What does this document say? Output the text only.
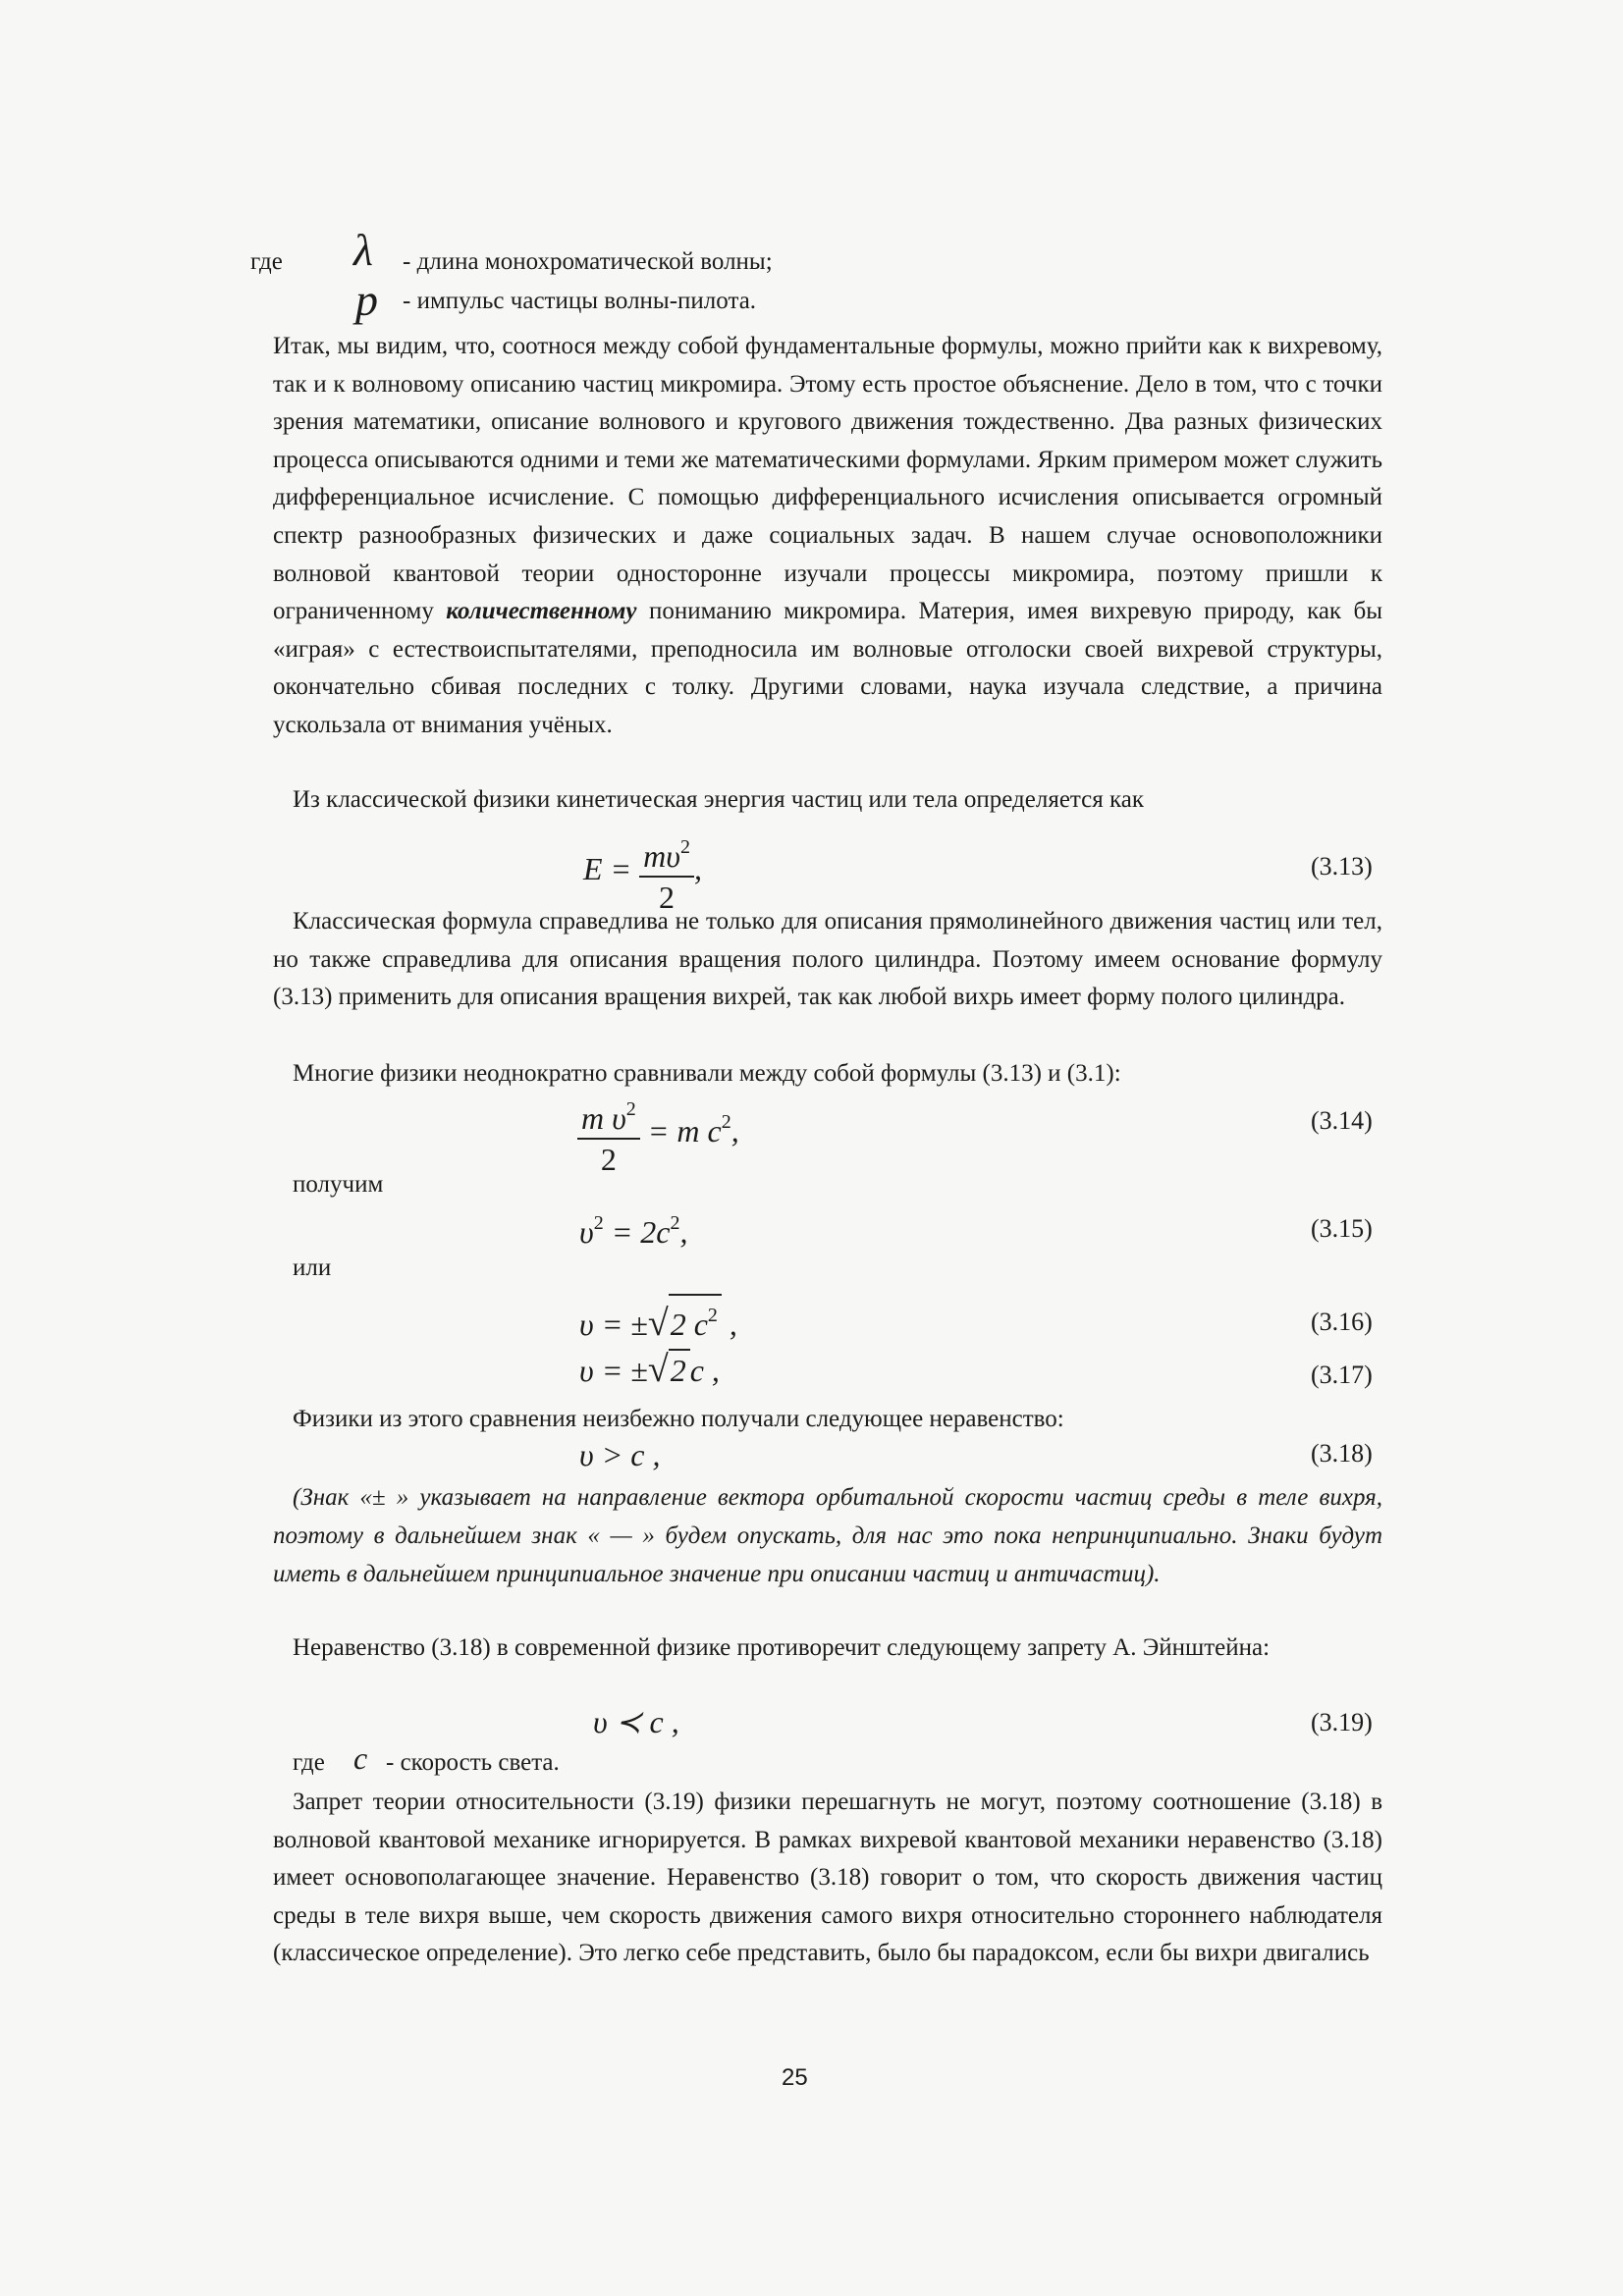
где λ - длина монохроматической волны;
p - импульс частицы волны-пилота.
Итак, мы видим, что, соотнося между собой фундаментальные формулы, можно прийти как к вихревому, так и к волновому описанию частиц микромира. Этому есть простое объяснение. Дело в том, что с точки зрения математики, описание волнового и кругового движения тождественно. Два разных физических процесса описываются одними и теми же математическими формулами. Ярким примером может служить дифференциальное исчисление. С помощью дифференциального исчисления описывается огромный спектр разнообразных физических и даже социальных задач. В нашем случае основоположники волновой квантовой теории односторонне изучали процессы микромира, поэтому пришли к ограниченному количественному пониманию микромира. Материя, имея вихревую природу, как бы «играя» с естествоиспытателями, преподносила им волновые отголоски своей вихревой структуры, окончательно сбивая последних с толку. Другими словами, наука изучала следствие, а причина ускользала от внимания учёных.
Из классической физики кинетическая энергия частиц или тела определяется как
$E = \frac{m\upsilon^2}{2}$ ,	(3.13)
Классическая формула справедлива не только для описания прямолинейного движения частиц или тел, но также справедлива для описания вращения полого цилиндра. Поэтому имеем основание формулу (3.13) применить для описания вращения вихрей, так как любой вихрь имеет форму полого цилиндра.
Многие физики неоднократно сравнивали между собой формулы (3.13) и (3.1):
$\frac{m \upsilon^2}{2} = m$ $c^2$,	(3.14)
получим
$\upsilon^2 = 2c^2$,	(3.15)
или
υ = ±√2 $c^2$ ,	(3.16)
υ = ±√2 c ,	(3.17)
Физики из этого сравнения неизбежно получали следующее неравенство:
υ > c ,	(3.18)
(Знак «± » указывает на направление вектора орбитальной скорости частиц среды в теле вихря, поэтому в дальнейшем знак « — » будем опускать, для нас это пока непринципиально. Знаки будут иметь в дальнейшем принципиальное значение при описании частиц и античастиц).
Неравенство (3.18) в современной физике противоречит следующему запрету А. Эйнштейна:
υ ≺ c ,	(3.19)
где c - скорость света.
Запрет теории относительности (3.19) физики перешагнуть не могут, поэтому соотношение (3.18) в волновой квантовой механике игнорируется. В рамках вихревой квантовой механики неравенство (3.18) имеет основополагающее значение. Неравенство (3.18) говорит о том, что скорость движения частиц среды в теле вихря выше, чем скорость движения самого вихря относительно стороннего наблюдателя (классическое определение). Это легко себе представить, было бы парадоксом, если бы вихри двигались
25
